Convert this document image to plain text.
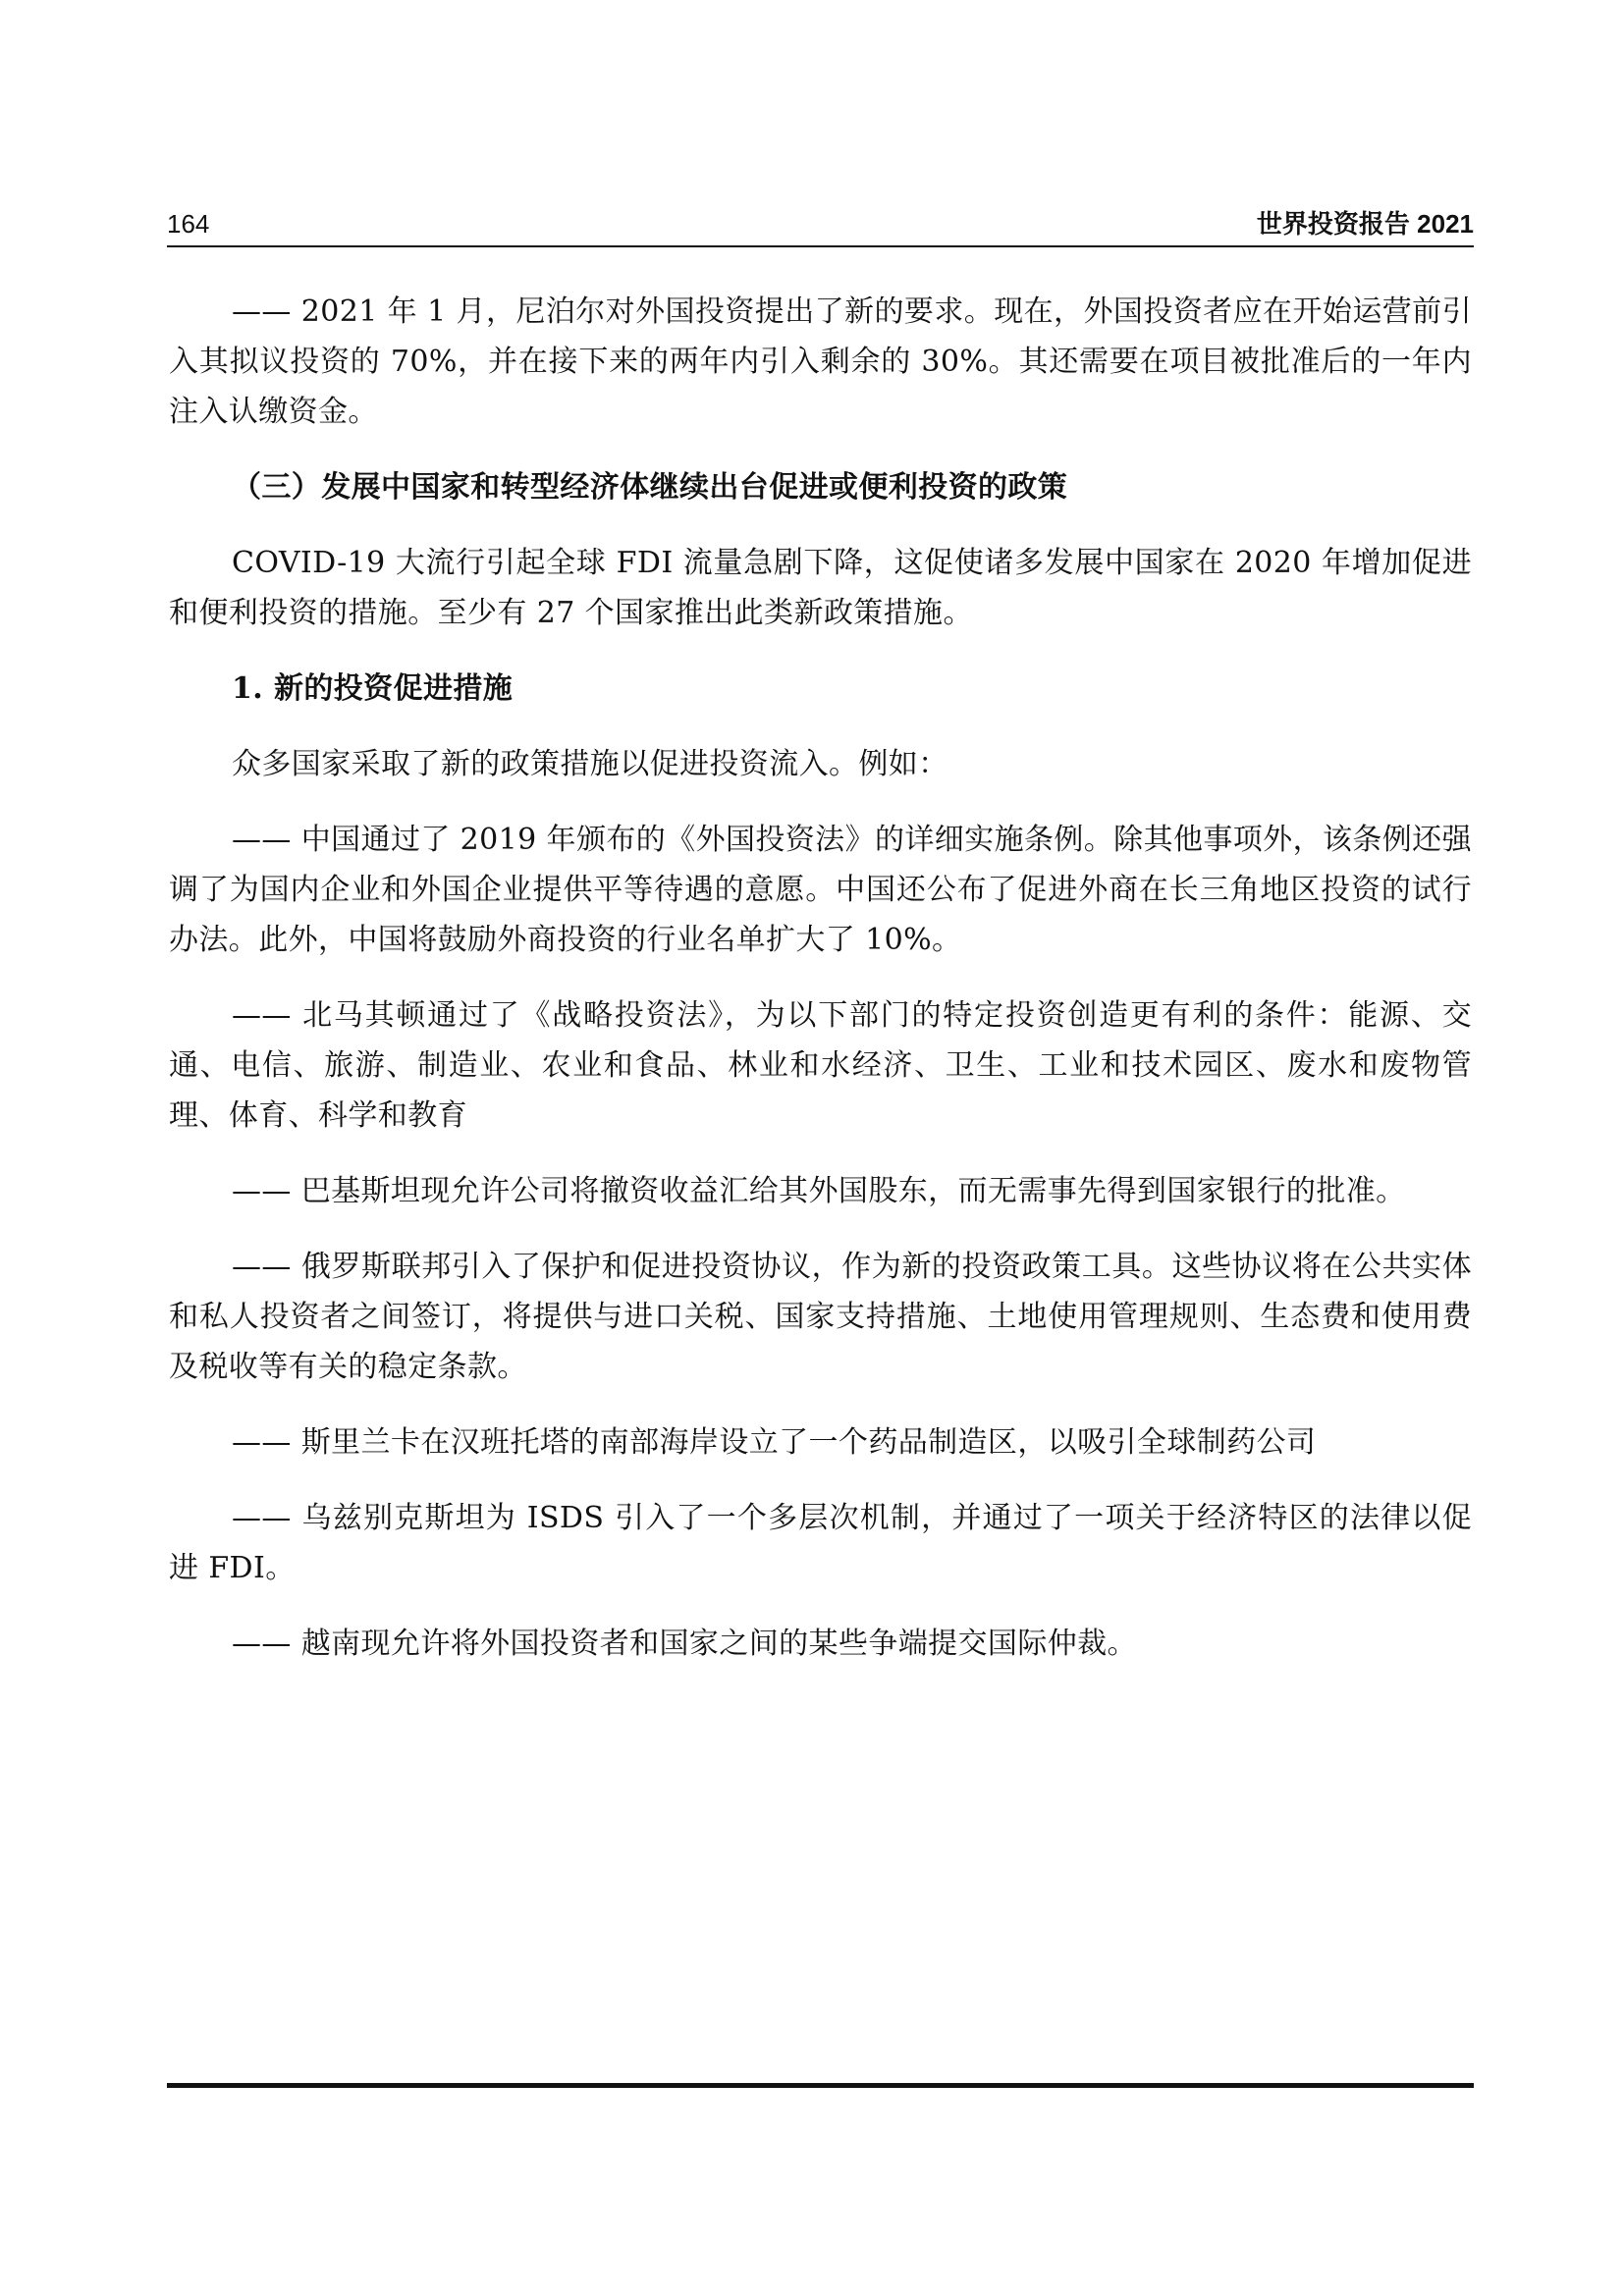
164	世界投资报告 2021

—— 2021 年 1 月，尼泊尔对外国投资提出了新的要求。现在，外国投资者应在开始运营前引入其拟议投资的 70%，并在接下来的两年内引入剩余的 30%。其还需要在项目被批准后的一年内注入认缴资金。

（三）发展中国家和转型经济体继续出台促进或便利投资的政策

COVID-19 大流行引起全球 FDI 流量急剧下降，这促使诸多发展中国家在 2020 年增加促进和便利投资的措施。至少有 27 个国家推出此类新政策措施。

1. 新的投资促进措施

众多国家采取了新的政策措施以促进投资流入。例如：

—— 中国通过了 2019 年颁布的《外国投资法》的详细实施条例。除其他事项外，该条例还强调了为国内企业和外国企业提供平等待遇的意愿。中国还公布了促进外商在长三角地区投资的试行办法。此外，中国将鼓励外商投资的行业名单扩大了 10%。

—— 北马其顿通过了《战略投资法》，为以下部门的特定投资创造更有利的条件：能源、交通、电信、旅游、制造业、农业和食品、林业和水经济、卫生、工业和技术园区、废水和废物管理、体育、科学和教育

—— 巴基斯坦现允许公司将撤资收益汇给其外国股东，而无需事先得到国家银行的批准。

—— 俄罗斯联邦引入了保护和促进投资协议，作为新的投资政策工具。这些协议将在公共实体和私人投资者之间签订，将提供与进口关税、国家支持措施、土地使用管理规则、生态费和使用费及税收等有关的稳定条款。

—— 斯里兰卡在汉班托塔的南部海岸设立了一个药品制造区，以吸引全球制药公司

—— 乌兹别克斯坦为 ISDS 引入了一个多层次机制，并通过了一项关于经济特区的法律以促进 FDI。

—— 越南现允许将外国投资者和国家之间的某些争端提交国际仲裁。
